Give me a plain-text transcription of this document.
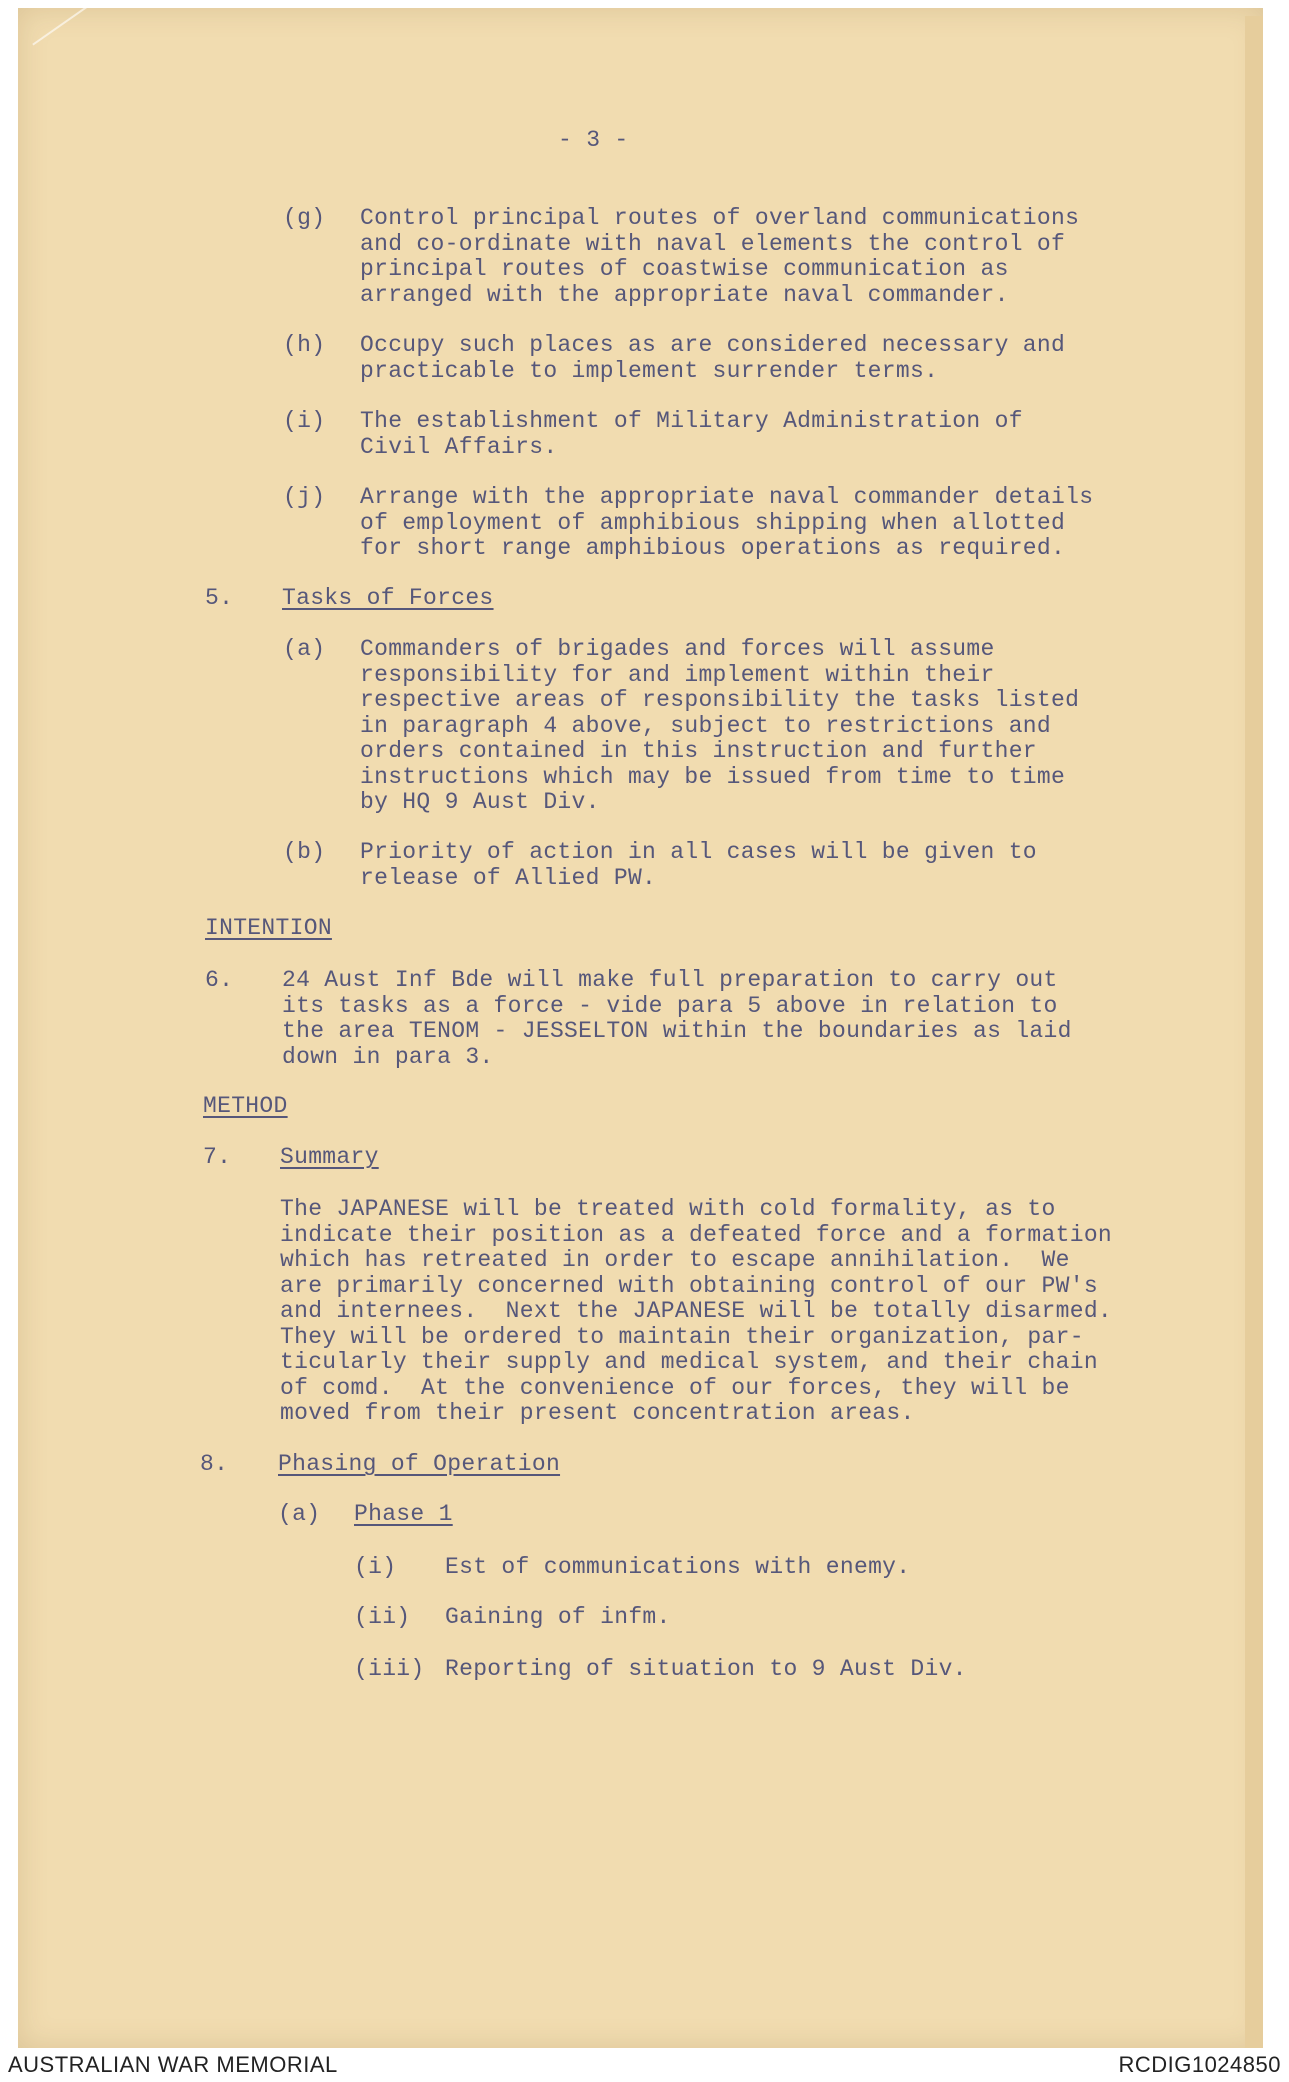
- 3 -
(g) Control principal routes of overland communications
and co-ordinate with naval elements the control of
principal routes of coastwise communication as
arranged with the appropriate naval commander.
(h) Occupy such places as are considered necessary and
practicable to implement surrender terms.
(i) The establishment of Military Administration of
Civil Affairs.
(j) Arrange with the appropriate naval commander details
of employment of amphibious shipping when allotted
for short range amphibious operations as required.
5. Tasks of Forces
(a) Commanders of brigades and forces will assume
responsibility for and implement within their
respective areas of responsibility the tasks listed
in paragraph 4 above, subject to restrictions and
orders contained in this instruction and further
instructions which may be issued from time to time
by HQ 9 Aust Div.
(b) Priority of action in all cases will be given to
release of Allied PW.
INTENTION
6. 24 Aust Inf Bde will make full preparation to carry out
its tasks as a force - vide para 5 above in relation to
the area TENOM - JESSELTON within the boundaries as laid
down in para 3.
METHOD
7. Summary
The JAPANESE will be treated with cold formality, as to
indicate their position as a defeated force and a formation
which has retreated in order to escape annihilation.  We
are primarily concerned with obtaining control of our PW's
and internees.  Next the JAPANESE will be totally disarmed.
They will be ordered to maintain their organization, par-
ticularly their supply and medical system, and their chain
of comd.  At the convenience of our forces, they will be
moved from their present concentration areas.
8. Phasing of Operation
(a) Phase 1
(i) Est of communications with enemy.
(ii) Gaining of infm.
(iii) Reporting of situation to 9 Aust Div.
AUSTRALIAN WAR MEMORIAL	RCDIG1024850
